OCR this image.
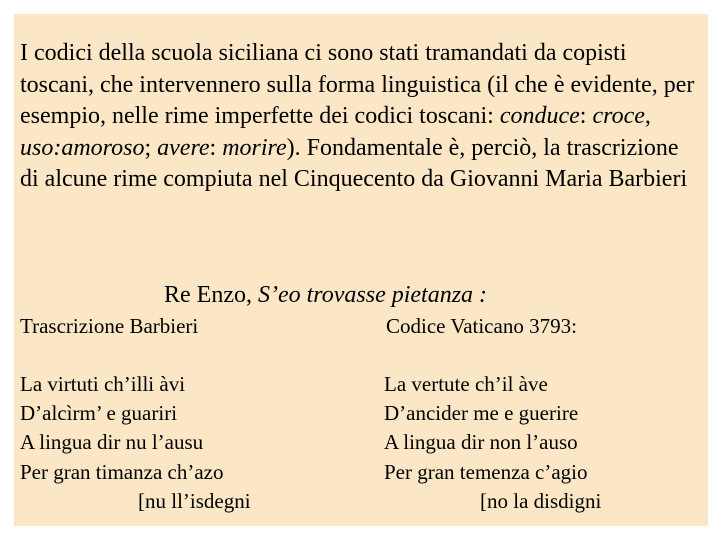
I codici della scuola siciliana ci sono stati tramandati da copisti toscani, che intervennero sulla forma linguistica (il che è evidente, per esempio, nelle rime imperfette dei codici toscani: conduce: croce, uso:amoroso; avere: morire). Fondamentale è, perciò, la trascrizione di alcune rime compiuta nel Cinquecento da Giovanni Maria Barbieri
Re Enzo, S’eo trovasse pietanza :
Trascrizione Barbieri	Codice Vaticano 3793:
La virtuti ch’illi àvi
D’alcìrm’ e guariri
A lingua dir nu l’ausu
Per gran timanza ch’azo
[nu ll’isdegni
La vertute ch’il àve
D’ancider me e guerire
A lingua dir non l’auso
Per gran temenza c’agio
[no la disdigni
